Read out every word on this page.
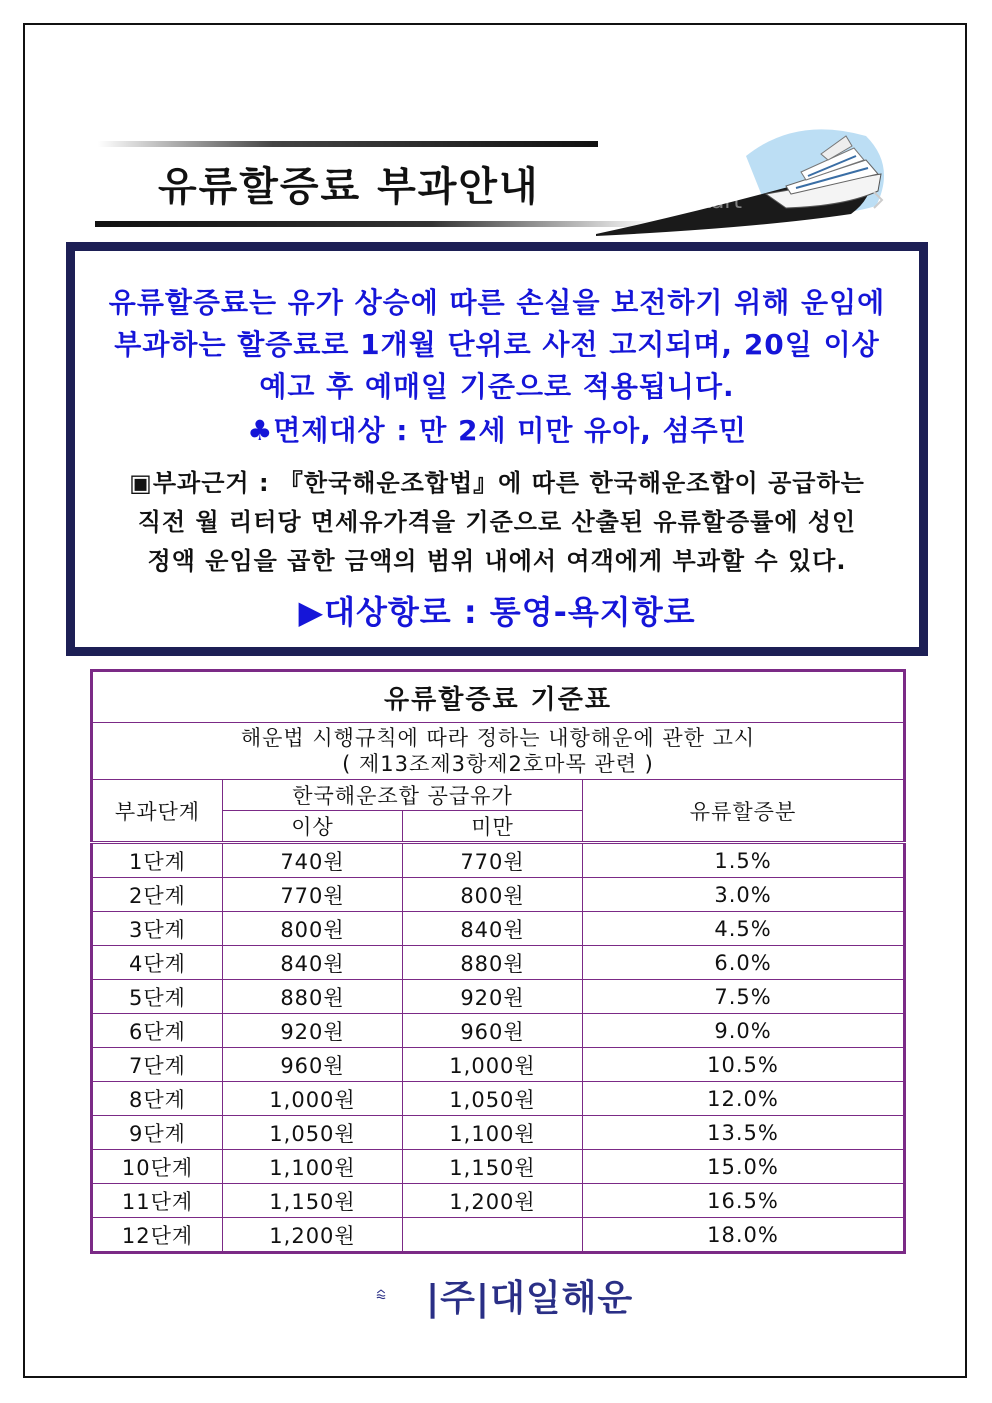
유류할증료 부과안내	iclickart
유류할증료는 유가 상승에 따른 손실을 보전하기 위해 운임에
부과하는 할증료로 1개월 단위로 사전 고지되며, 20일 이상
예고 후 예매일 기준으로 적용됩니다.
♣면제대상 : 만 2세 미만 유아, 섬주민
▣부과근거 : 『한국해운조합법』에 따른 한국해운조합이 공급하는
직전 월 리터당 면세유가격을 기준으로 산출된 유류할증률에 성인
정액 운임을 곱한 금액의 범위 내에서 여객에게 부과할 수 있다.
▶대상항로 : 통영-욕지항로
유류할증료 기준표			

해운법 시행규칙에 따라 정하는 내항해운에 관한 고시
( 제13조제3항제2호마목 관련 )			

부과단계	한국해운조합 공급유가		유류할증분
	이상	미만	
1단계	740원	770원	1.5%
2단계	770원	800원	3.0%
3단계	800원	840원	4.5%
4단계	840원	880원	6.0%
5단계	880원	920원	7.5%
6단계	920원	960원	9.0%
7단계	960원	1,000원	10.5%
8단계	1,000원	1,050원	12.0%
9단계	1,050원	1,100원	13.5%
10단계	1,100원	1,150원	15.0%
11단계	1,150원	1,200원	16.5%
12단계	1,200원		18.0%
|주|대일해운
